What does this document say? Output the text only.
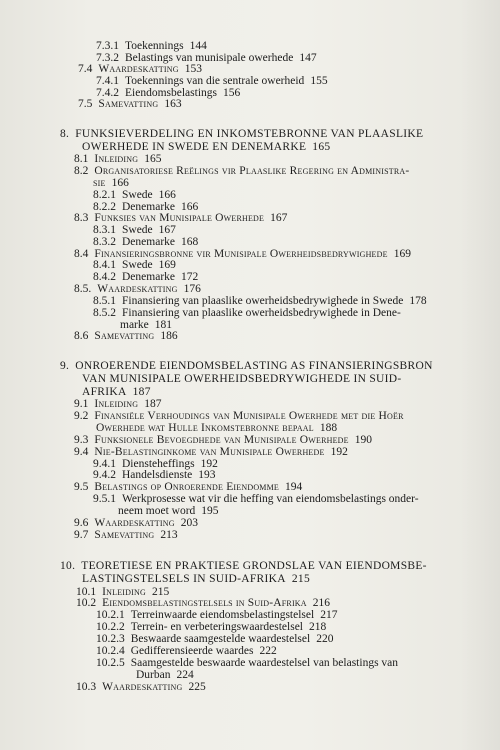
7.3.1 Toekennings 144

7.3.2 Belastings van munisipale owerhede 147

7.4 Waardeskatting 153

7.4.1 Toekennings van die sentrale owerheid 155

7.4.2 Eiendomsbelastings 156

7.5 Samevatting 163

8. FUNKSIEVERDELING EN INKOMSTEBRONNE VAN PLAASLIKE

OWERHEDE IN SWEDE EN DENEMARKE 165

8.1 Inleiding 165

8.2 Organisatoriese Reëlings vir Plaaslike Regering en Administra-

sie 166

8.2.1 Swede 166

8.2.2 Denemarke 166

8.3 Funksies van Munisipale Owerhede 167

8.3.1 Swede 167

8.3.2 Denemarke 168

8.4 Finansieringsbronne vir Munisipale Owerheidsbedrywighede 169

8.4.1 Swede 169

8.4.2 Denemarke 172

8.5. Waardeskatting 176

8.5.1 Finansiering van plaaslike owerheidsbedrywighede in Swede 178

8.5.2 Finansiering van plaaslike owerheidsbedrywighede in Dene-

marke 181

8.6 Samevatting 186

9. ONROERENDE EIENDOMSBELASTING AS FINANSIERINGSBRON

VAN MUNISIPALE OWERHEIDSBEDRYWIGHEDE IN SUID-

AFRIKA 187

9.1 Inleiding 187

9.2 Finansiële Verhoudings van Munisipale Owerhede met die Hoër

Owerhede wat Hulle Inkomstebronne bepaal 188

9.3 Funksionele Bevoegdhede van Munisipale Owerhede 190

9.4 Nie-Belastinginkome van Munisipale Owerhede 192

9.4.1 Diensteheffings 192

9.4.2 Handelsdienste 193

9.5 Belastings op Onroerende Eiendomme 194

9.5.1 Werkprosesse wat vir die heffing van eiendomsbelastings onder-

neem moet word 195

9.6 Waardeskatting 203

9.7 Samevatting 213

10. TEORETIESE EN PRAKTIESE GRONDSLAE VAN EIENDOMSBE-

LASTINGSTELSELS IN SUID-AFRIKA 215

10.1 Inleiding 215

10.2 Eiendomsbelastingstelsels in Suid-Afrika 216

10.2.1 Terreinwaarde eiendomsbelastingstelsel 217

10.2.2 Terrein- en verbeteringswaardestelsel 218

10.2.3 Beswaarde saamgestelde waardestelsel 220

10.2.4 Gedifferensieerde waardes 222

10.2.5 Saamgestelde beswaarde waardestelsel van belastings van

Durban 224

10.3 Waardeskatting 225
